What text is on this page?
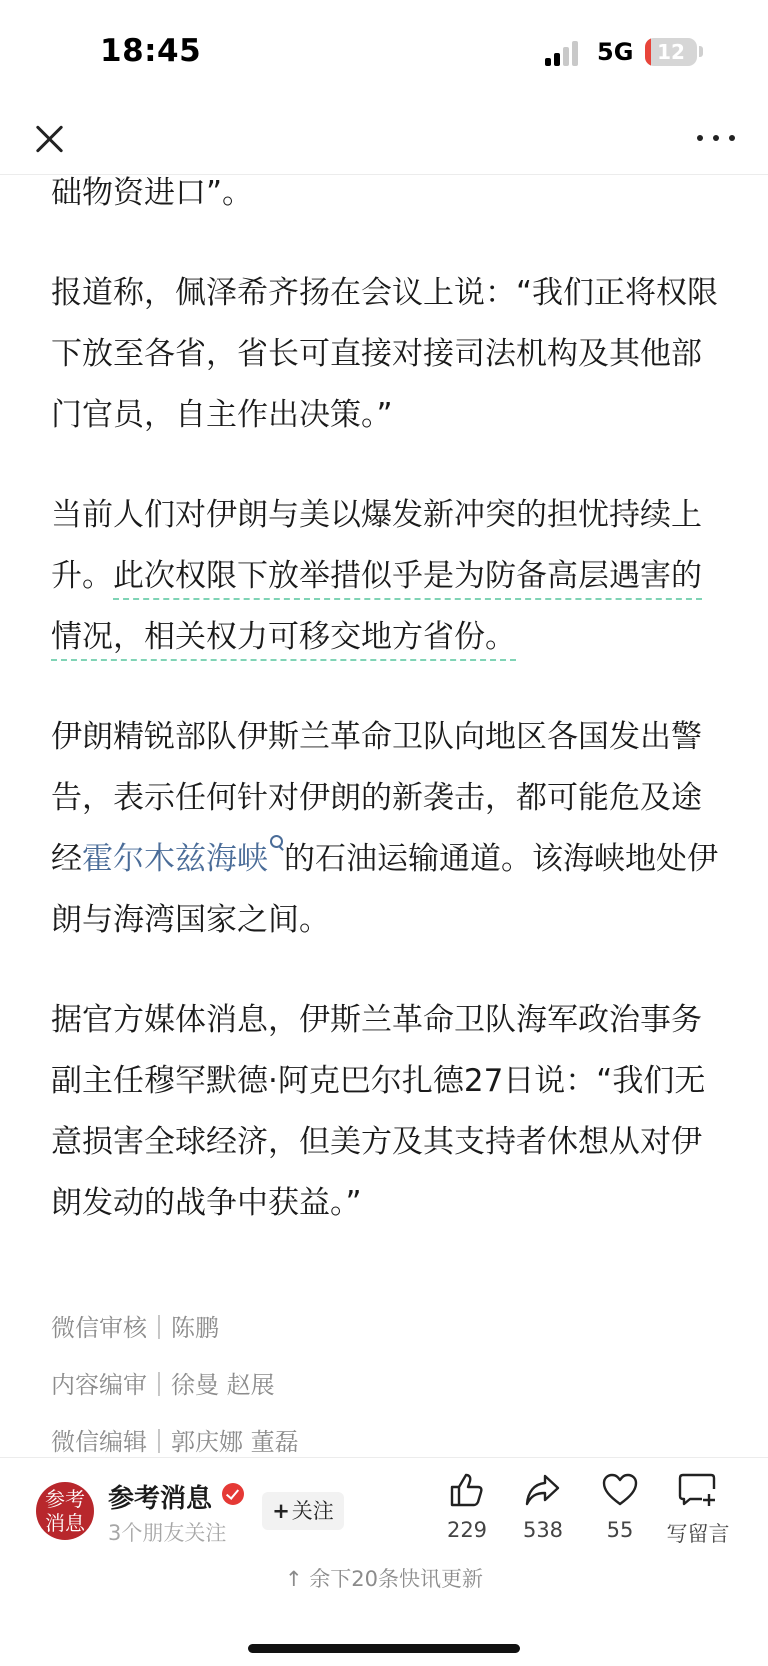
18:45	5G	12

础物资进口”。

报道称，佩泽希齐扬在会议上说：“我们正将权限下放至各省，省长可直接对接司法机构及其他部门官员，自主作出决策。”

当前人们对伊朗与美以爆发新冲突的担忧持续上升。此次权限下放举措似乎是为防备高层遇害的情况，相关权力可移交地方省份。

伊朗精锐部队伊斯兰革命卫队向地区各国发出警告，表示任何针对伊朗的新袭击，都可能危及途经霍尔木兹海峡 的石油运输通道。该海峡地处伊朗与海湾国家之间。

据官方媒体消息，伊斯兰革命卫队海军政治事务副主任穆罕默德·阿克巴尔扎德27日说：“我们无意损害全球经济，但美方及其支持者休想从对伊朗发动的战争中获益。”

微信审核｜陈鹏
内容编审｜徐曼 赵展
微信编辑｜郭庆娜 董磊
参考消息
参考消息
3个朋友关注
+关注
229	538	55	写留言
↑ 余下20条快讯更新
